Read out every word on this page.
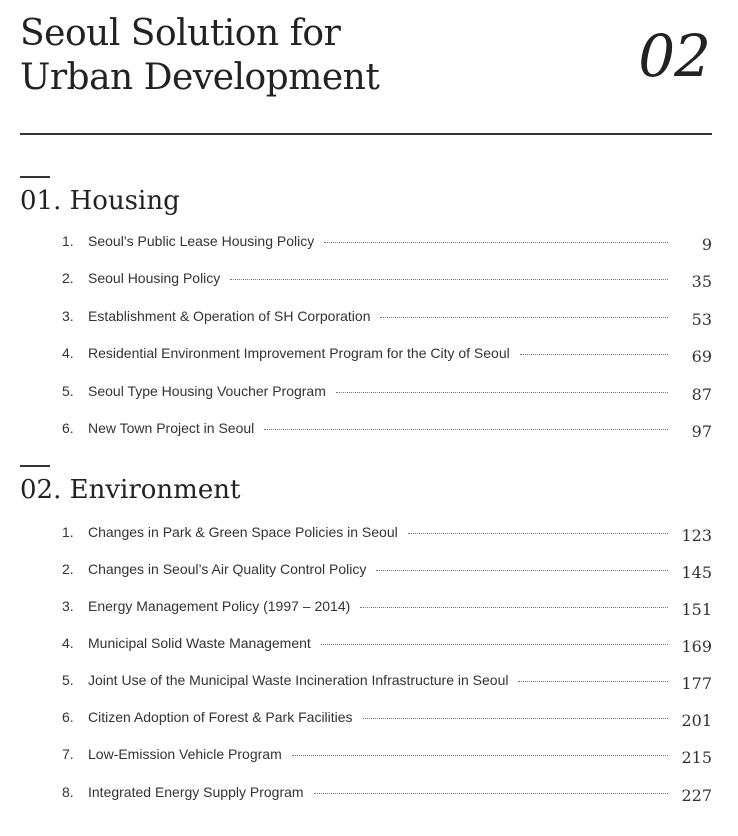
Seoul Solution for
Urban Development	02
01. Housing
1.	Seoul’s Public Lease Housing Policy	9
2.	Seoul Housing Policy	35
3.	Establishment & Operation of SH Corporation	53
4.	Residential Environment Improvement Program for the City of Seoul	69
5.	Seoul Type Housing Voucher Program	87
6.	New Town Project in Seoul	97
02. Environment
1.	Changes in Park & Green Space Policies in Seoul	123
2.	Changes in Seoul’s Air Quality Control Policy	145
3.	Energy Management Policy (1997 – 2014)	151
4.	Municipal Solid Waste Management	169
5.	Joint Use of the Municipal Waste Incineration Infrastructure in Seoul	177
6.	Citizen Adoption of Forest & Park Facilities	201
7.	Low-Emission Vehicle Program	215
8.	Integrated Energy Supply Program	227
